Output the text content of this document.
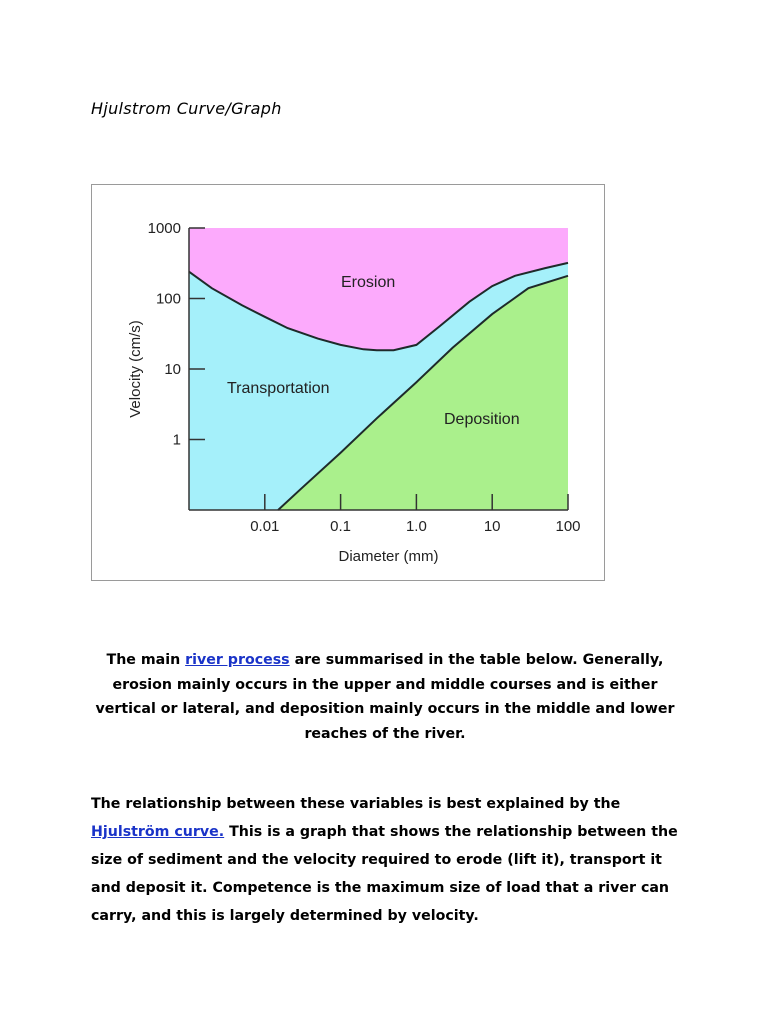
Hjulstrom Curve/Graph
0.01	0.1	1.0	10	100
1
10
100
1000
Erosion
Transportation
Deposition
Diameter (mm)
Velocity (cm/s)
The main river process are summarised in the table below. Generally, erosion mainly occurs in the upper and middle courses and is either vertical or lateral, and deposition mainly occurs in the middle and lower reaches of the river.
The relationship between these variables is best explained by the
Hjulström curve. This is a graph that shows the relationship between the size of sediment and the velocity required to erode (lift it), transport it and deposit it. Competence is the maximum size of load that a river can carry, and this is largely determined by velocity.
